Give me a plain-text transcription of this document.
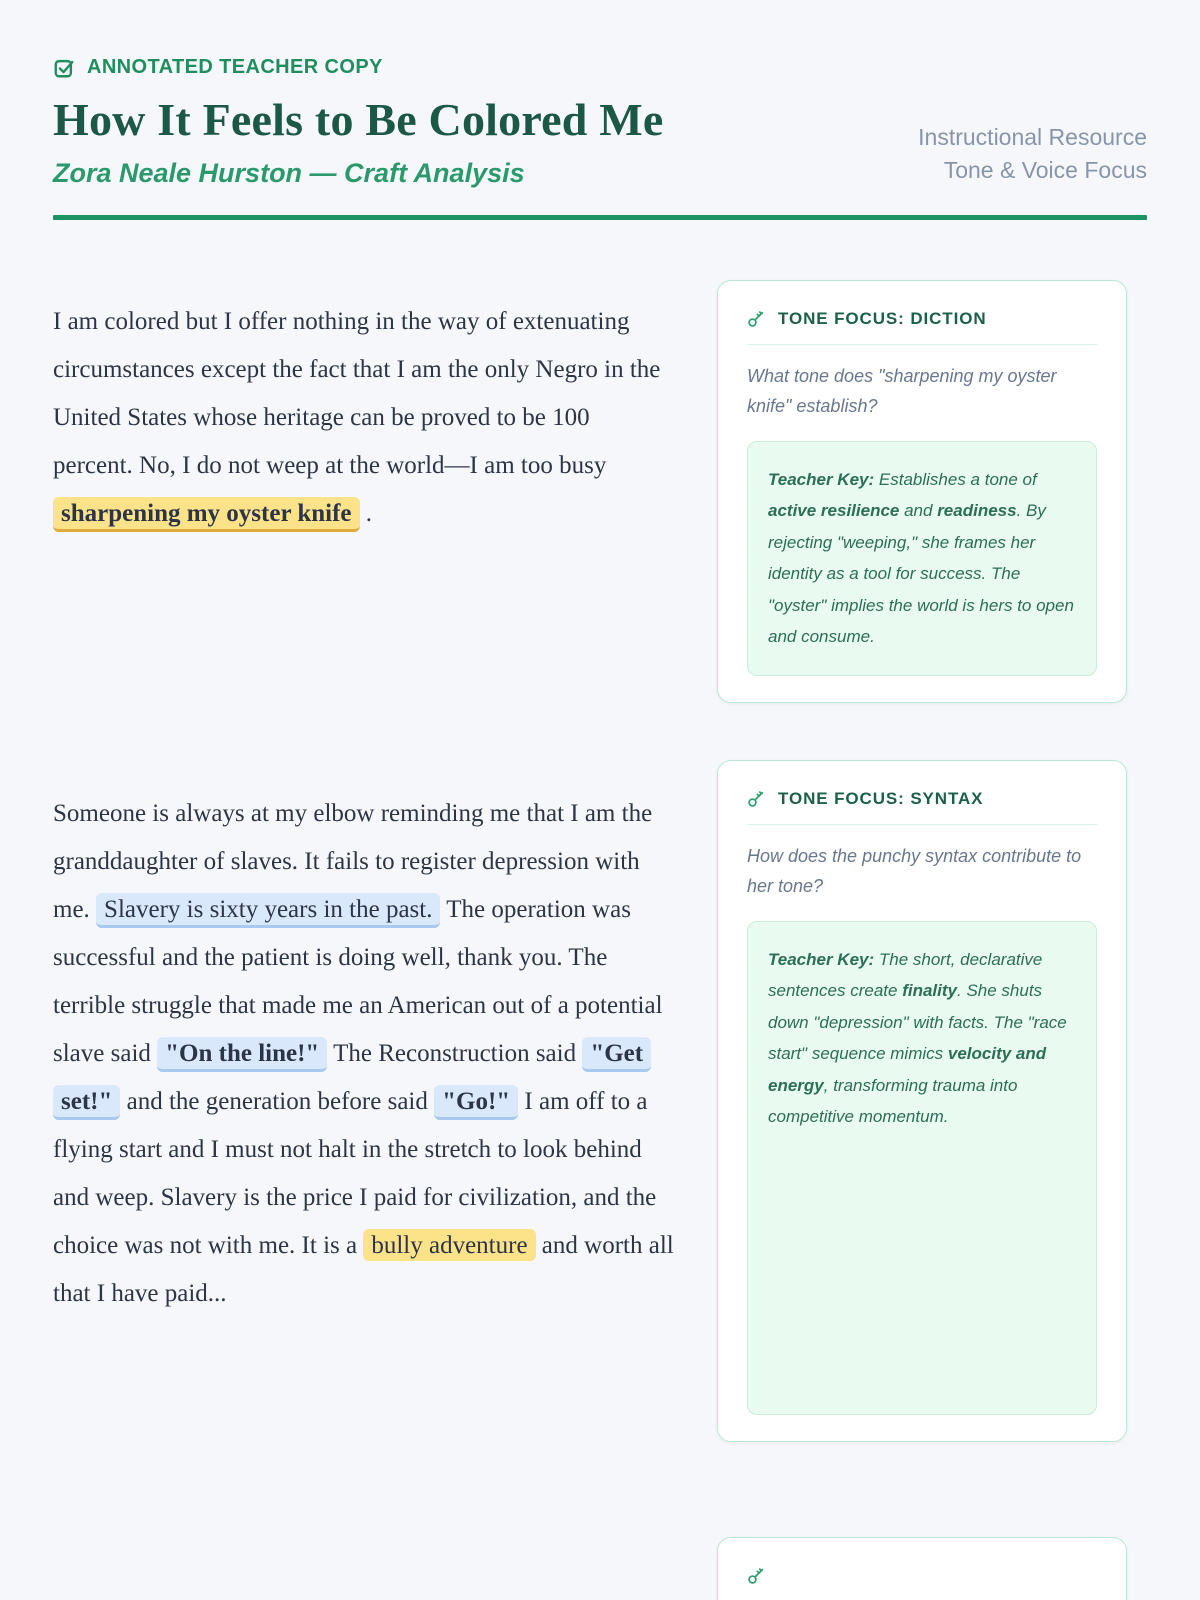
ANNOTATED TEACHER COPY
How It Feels to Be Colored Me
Zora Neale Hurston — Craft Analysis
Instructional Resource
Tone & Voice Focus

I am colored but I offer nothing in the way of extenuating circumstances except the fact that I am the only Negro in the United States whose heritage can be proved to be 100 percent. No, I do not weep at the world—I am too busy sharpening my oyster knife .

Someone is always at my elbow reminding me that I am the granddaughter of slaves. It fails to register depression with me. Slavery is sixty years in the past. The operation was successful and the patient is doing well, thank you. The terrible struggle that made me an American out of a potential slave said "On the line!" The Reconstruction said "Get set!" and the generation before said "Go!" I am off to a flying start and I must not halt in the stretch to look behind and weep. Slavery is the price I paid for civilization, and the choice was not with me. It is a bully adventure and worth all that I have paid...

TONE FOCUS: DICTION

What tone does "sharpening my oyster knife" establish?

Teacher Key: Establishes a tone of active resilience and readiness. By rejecting "weeping," she frames her identity as a tool for success. The "oyster" implies the world is hers to open and consume.
TONE FOCUS: SYNTAX

How does the punchy syntax contribute to her tone?

Teacher Key: The short, declarative sentences create finality. She shuts down "depression" with facts. The "race start" sequence mimics velocity and energy, transforming trauma into competitive momentum.
